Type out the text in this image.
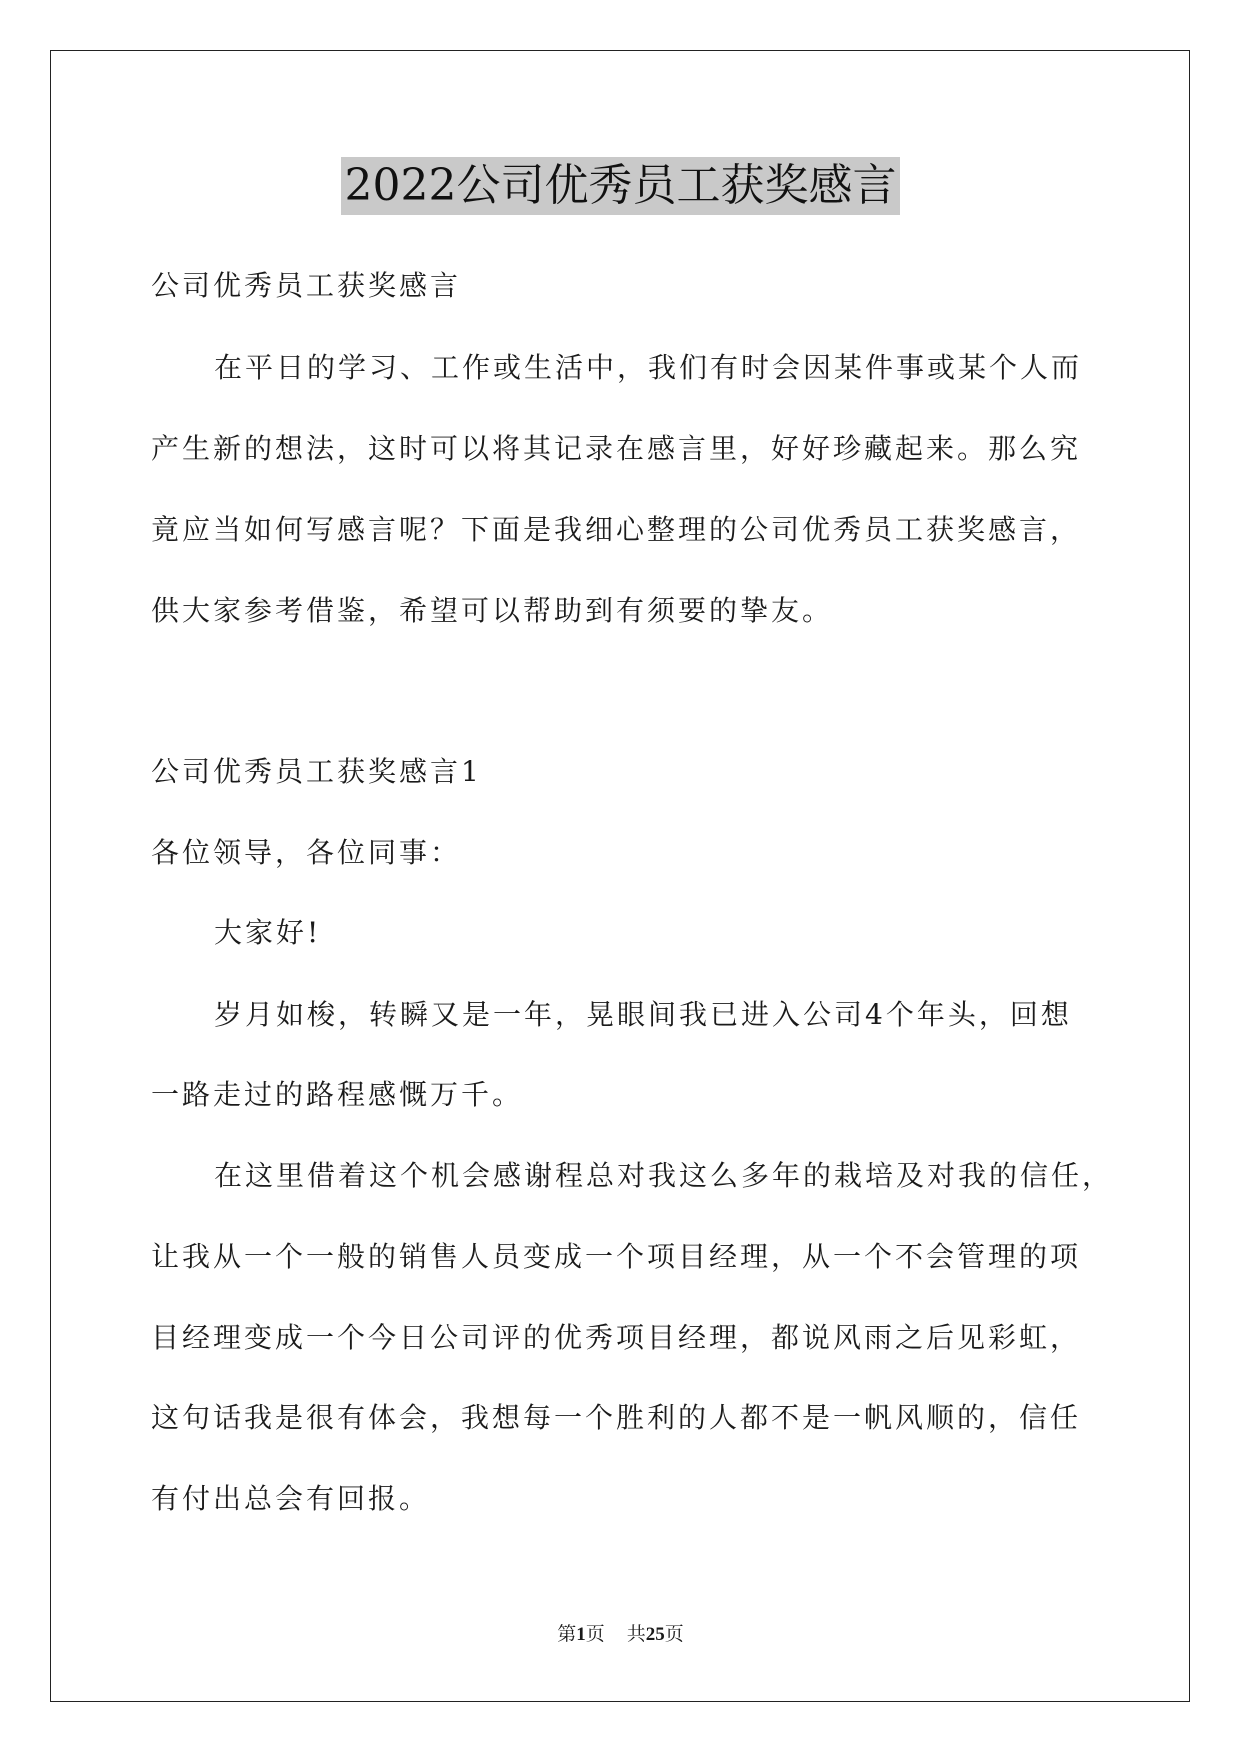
2022公司优秀员工获奖感言
公司优秀员工获奖感言
在平日的学习、工作或生活中，我们有时会因某件事或某个人而
产生新的想法，这时可以将其记录在感言里，好好珍藏起来。那么究
竟应当如何写感言呢？下面是我细心整理的公司优秀员工获奖感言，
供大家参考借鉴，希望可以帮助到有须要的挚友。
公司优秀员工获奖感言1
各位领导，各位同事：
大家好!
岁月如梭，转瞬又是一年，晃眼间我已进入公司4个年头，回想
一路走过的路程感慨万千。
在这里借着这个机会感谢程总对我这么多年的栽培及对我的信任，
让我从一个一般的销售人员变成一个项目经理，从一个不会管理的项
目经理变成一个今日公司评的优秀项目经理，都说风雨之后见彩虹，
这句话我是很有体会，我想每一个胜利的人都不是一帆风顺的，信任
有付出总会有回报。
第1页 共25页
